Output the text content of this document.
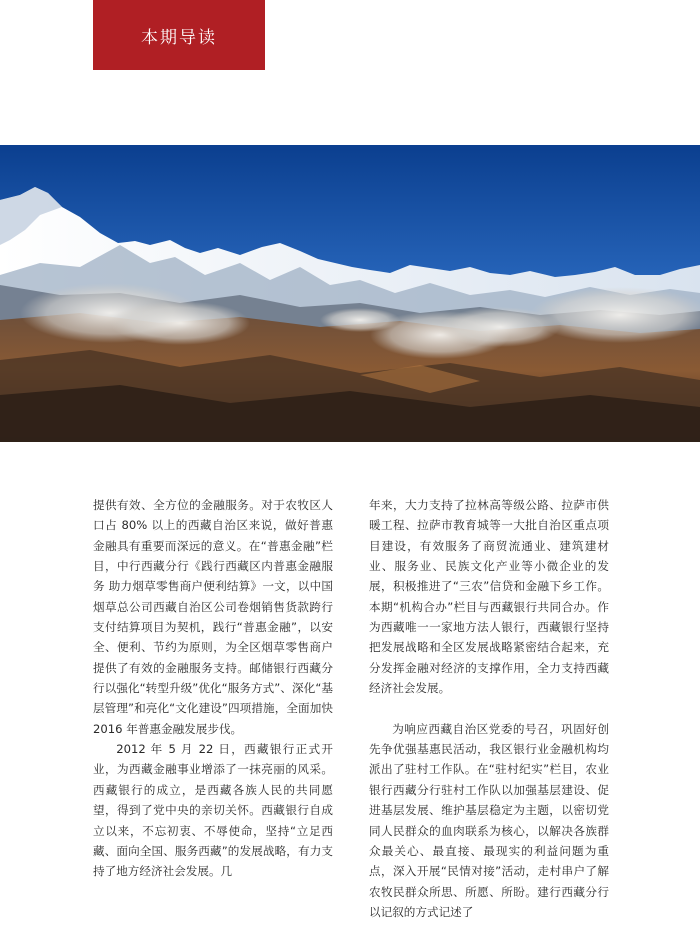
本期导读

提供有效、全方位的金融服务。对于农牧区人口占 80% 以上的西藏自治区来说，做好普惠金融具有重要而深远的意义。在“普惠金融”栏目，中行西藏分行《践行西藏区内普惠金融服务 助力烟草零售商户便利结算》一文，以中国烟草总公司西藏自治区公司卷烟销售货款跨行支付结算项目为契机，践行“普惠金融”，以安全、便利、节约为原则，为全区烟草零售商户提供了有效的金融服务支持。邮储银行西藏分行以强化“转型升级”优化“服务方式”、深化“基层管理”和亮化“文化建设”四项措施，全面加快 2016 年普惠金融发展步伐。

2012 年 5 月 22 日，西藏银行正式开业，为西藏金融事业增添了一抹亮丽的风采。西藏银行的成立，是西藏各族人民的共同愿望，得到了党中央的亲切关怀。西藏银行自成立以来，不忘初衷、不辱使命，坚持“立足西藏、面向全国、服务西藏”的发展战略，有力支持了地方经济社会发展。几

年来，大力支持了拉林高等级公路、拉萨市供暖工程、拉萨市教育城等一大批自治区重点项目建设，有效服务了商贸流通业、建筑建材业、服务业、民族文化产业等小微企业的发展，积极推进了“三农”信贷和金融下乡工作。本期“机构合办”栏目与西藏银行共同合办。作为西藏唯一一家地方法人银行，西藏银行坚持把发展战略和全区发展战略紧密结合起来，充分发挥金融对经济的支撑作用，全力支持西藏经济社会发展。

为响应西藏自治区党委的号召，巩固好创先争优强基惠民活动，我区银行业金融机构均派出了驻村工作队。在“驻村纪实”栏目，农业银行西藏分行驻村工作队以加强基层建设、促进基层发展、维护基层稳定为主题，以密切党同人民群众的血肉联系为核心，以解决各族群众最关心、最直接、最现实的利益问题为重点，深入开展“民情对接”活动，走村串户了解农牧民群众所思、所愿、所盼。建行西藏分行以记叙的方式记述了
